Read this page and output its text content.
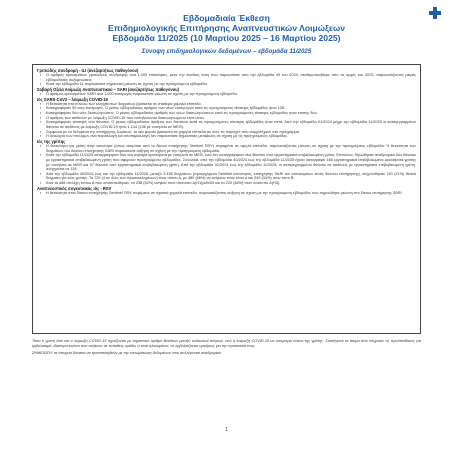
Εβδομαδιαία Έκθεση
Επιδημιολογικής Επιτήρησης Αναπνευστικών Λοιμώξεων
Εβδομάδα 11/2025 (10 Μαρτίου 2025 – 16 Μαρτίου 2025)
Σύνοψη επιδημιολογικών δεδομένων – εβδομάδα 11/2025
Γριπώδης συνδρομή - ILI (ανεζαρτήτως παθογόνου)
▪ Ο αριθμός κρουσμάτων γριπώδους συνδρομής ανά 1.000 επισκέψεις, μετά την ανοδική τάση που παρουσίασε από την εβδομάδα 49 του 2024, σταθεροποιήθηκε από τις αρχές του 2025, παρουσιάζοντας μικρές εβδομαδιαίες αυξομειώσεις.
▪ Κατά την εβδομάδα 11 παρουσίασε σημαντική μείωση σε σχέση με την προηγούμενη εβδομάδα.
Σοβαρή Οξεία Λοίμωξη Αναπνευστικού – SARI (ανεζαρτήτως παθογόνου)
▪ Ο αριθμός κρουσμάτων SARI ανά 1.000 εισαγωγές παρουσίασε μείωση σε σχέση με την προηγούμενη εβδομάδα.
Ιός SARS-CoV2 – λοίμωξη COVID-19
▪ Η θετικότητα στο σύνολο των ελεγχθέντων δειγμάτων βρίσκεται σε σταθερά χαμηλά επίπεδα.
▪ Καταγράφηκαν 90 νέες εισαγωγές. Ο μέσος εβδομαδιαίος αριθμός των νέων εισαγωγών κατά τις προηγούμενες τέσσερις εβδομάδες ήταν 135.
▪ Καταγράφηκαν δύο νέες διασωληνώσεις. Ο μέσος εβδομαδιαίος αριθμός των νέων διασωληνώσεων κατά τις προηγούμενες τέσσερις εβδομάδες ήταν επίσης δύο.
▪ Ο αριθμός των ασθενών με λοίμωξη COVID-19 που νοσηλεύονται διασωληνωμένοι είναι οκτώ.
▪ Καταγράφηκαν τέσσερις νέοι θάνατοι. Ο μέσος εβδομαδιαίος αριθμός των θανάτων κατά τις προηγούμενες τέσσερις εβδομάδες ήταν επτά. Από την εβδομάδα 01/2024 μέχρι την εβδομάδα 11/2025 οι καταγεγραμμένοι θάνατοι σε ασθενείς με λοίμωξη COVID-19 ήταν 1.134 (106 με νοσηλεία σε ΜΕΘ).
▪ Σύμφωνα με τα δεδομένα της επιτήρησης λυμάτων, το ιικό φορτίο βρίσκεται σε χαμηλά επίπεδα σε όλες τις περιοχές που συμμετέχουν στο πρόγραμμα.
▪ Η αναλογία των στελεχών ανά παραλλαγή και υποπαραλλαγή δεν παρουσίασε σημαντικές μεταβολές σε σχέση με τις προηγούμενες εβδομάδες.
Ιός της γρίπης
▪ Η θετικότητα για γρίπη στην κοινότητα (όπως εκτιμάται από το δίκτυο επιτήρησης Sentinel ΠΦΥ) παραμένει σε υψηλά επίπεδα, παρουσιάζοντας μείωση σε σχέση με την προηγούμενη εβδομάδα. Η θετικότητα των δειγμάτων του δικτύου επιτήρησης SARI παρουσίασε αύξηση σε σχέση με την προηγούμενη εβδομάδα.
▪ Κατά την εβδομάδα 11/2025 καταγράφηκαν δύο νέα σοβαρά κρούσματα με νοσηλεία σε ΜΕΘ, ενώ δεν καταγράφηκαν νέοι θάνατοι από εργαστηριακά επιβεβαιωμένη γρίπη. Επιπλέον, δηλώθηκαν αναδρομικά δύο θάνατοι με εργαστηριακά επιβεβαιωμένη γρίπη που αφορούν προηγούμενες εβδομάδες. Συνολικά, από την εβδομάδα 40/2024 έως την εβδομάδα 11/2025 έχουν καταγραφεί 168 εργαστηριακά επιβεβαιωμένα κρούσματα γρίπης με νοσηλεία σε ΜΕΘ και 57 θάνατοι από εργαστηριακά επιβεβαιωμένη γρίπη. Από την εβδομάδα 01/2024 έως την εβδομάδα 11/2025, οι καταγεγραμμένοι θάνατοι σε ασθενείς με εργαστηριακά επιβεβαιωμένη γρίπη, ανέρχονται σε 118.
▪ Από την εβδομάδα 40/2024 έως και την εβδομάδα 11/2025, μεταξύ 3.455 δειγμάτων (προερχόμενα Sentinel κοινότητας, επιτήρησης SARI και νοσοκομείων εκτός δικτύου επιτήρησης), ανιχνεύθηκαν 740 (21%) θετικά δείγματα για ιούς γρίπης. Τα 729 (4 σε όλες των προσκεκλημένων) είναι τύπου Α, με 480 (66%) να ανήκουν στον τύπο Α και 249 (34%) στον τύπο Β.
▪ Από τα 458 στελέχη τύπου Α που υποτυπώθηκαν, τα 238 (52%) ανήκαν στον υπότυπο A(H1)pdm09 και τα 220 (48%) στον υπότυπο A(H3).
Αναπνευστικός συγκυτιακός ιός - RSV
▪ Η θετικότητα στον δίκτυο επιτήρησης Sentinel ΠΦΥ παρέμεινε σε σχετικά χαμηλά επίπεδα, παρουσιάζοντας αύξηση σε σχέση με την προηγούμενη εβδομάδα, ενώ σημειώθηκε μείωση στο δίκτυο επιτήρησης SARI.

Τόσο ο γρίπη όσο και ο λοίμωξη COVID-19 σχετίζονται με σημαντικό αριθμό θανάτων μεταξύ ευάλωτων ατόμων, ενώ η λοίμωξη COVID-19 να υπερτερεί έναντι της γρίπης. Συστήνεται τα άτομα που πληρούν τις προϋποθέσεις για εμβολιασμό, ιδιαίτερα εκείνοι που ανήκουν σε ευπαθείς ομάδες ή είναι ηλικιωμένοι, να εμβολιάζονται εγκαίρως για την προστασία τους.

ΣΗΜΕΙΩΣΗ: τα στοιχεία δύναται να τροποποιηθούν με την ενσωμάτωση δεδομένων που συλλέγονται αναδρομικά.

1
